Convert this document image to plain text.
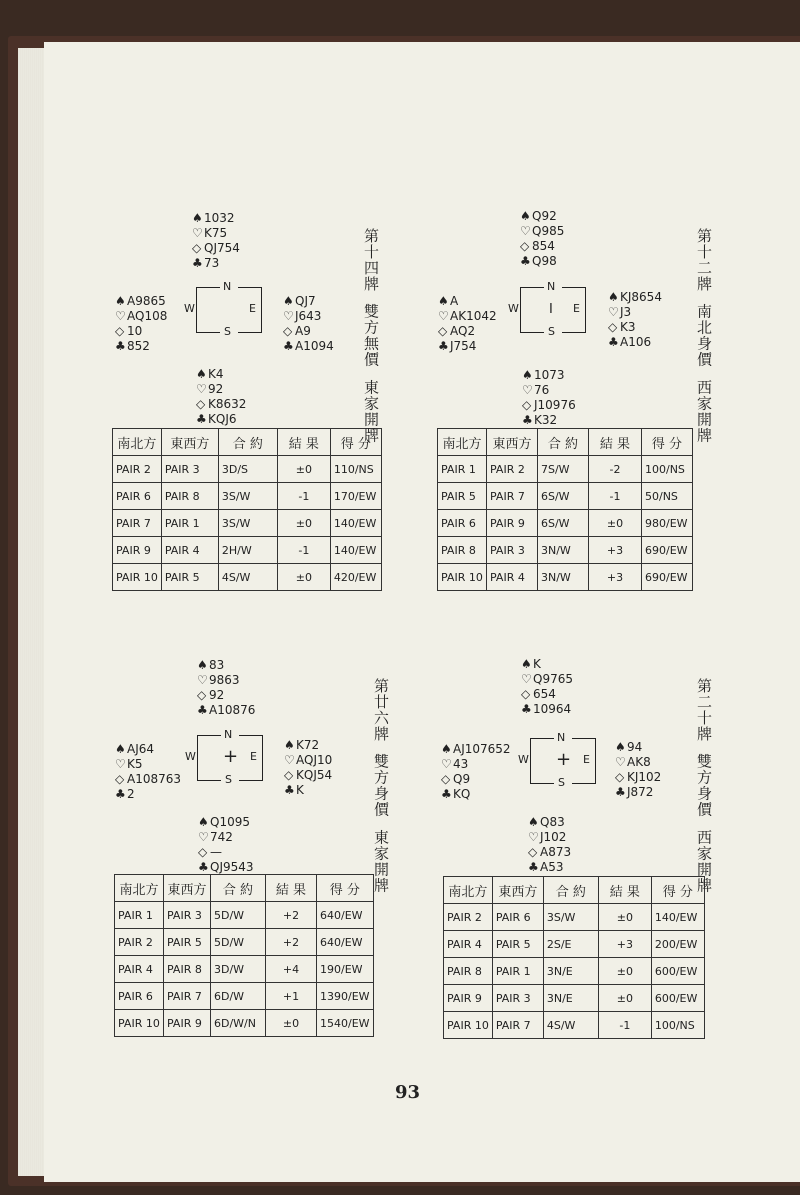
♠1032
♡K75
◇ QJ754
♣73
♠A9865
♡AQ108
◇ 10
♣852
N
W	E
S
♠QJ7
♡J643
◇ A9
♣A1094
♠K4
♡92
◇ K8632
♣KQJ6
南北方	東西方	合 約	結 果	得 分
PAIR 2	PAIR 3	3D/S	±0	110/NS
PAIR 6	PAIR 8	3S/W	-1	170/EW
PAIR 7	PAIR 1	3S/W	±0	140/EW
PAIR 9	PAIR 4	2H/W	-1	140/EW
PAIR 10	PAIR 5	4S/W	±0	420/EW
第十四牌  雙方無價  東家開牌
♠Q92
♡Q985
◇ 854
♣Q98
♠A
♡AK1042
◇ AQ2
♣J754
N
W	E
S
I
♠KJ8654
♡J3
◇ K3
♣A106
♠1073
♡76
◇ J10976
♣K32
南北方	東西方	合 約	結 果	得 分
PAIR 1	PAIR 2	7S/W	-2	100/NS
PAIR 5	PAIR 7	6S/W	-1	50/NS
PAIR 6	PAIR 9	6S/W	±0	980/EW
PAIR 8	PAIR 3	3N/W	+3	690/EW
PAIR 10	PAIR 4	3N/W	+3	690/EW
第十二牌  南北身價  西家開牌
♠83
♡9863
◇ 92
♣A10876
♠AJ64
♡K5
◇ A108763
♣2
N
W	E
S
+
♠K72
♡AQJ10
◇ KQJ54
♣K
♠Q1095
♡742
◇ —
♣QJ9543
南北方	東西方	合 約	結 果	得 分
PAIR 1	PAIR 3	5D/W	+2	640/EW
PAIR 2	PAIR 5	5D/W	+2	640/EW
PAIR 4	PAIR 8	3D/W	+4	190/EW
PAIR 6	PAIR 7	6D/W	+1	1390/EW
PAIR 10	PAIR 9	6D/W/N	±0	1540/EW
第廿六牌  雙方身價  東家開牌
♠K
♡Q9765
◇ 654
♣10964
♠AJ107652
♡43
◇ Q9
♣KQ
N
W	E
S
+
♠94
♡AK8
◇ KJ102
♣J872
♠Q83
♡J102
◇ A873
♣A53
南北方	東西方	合 約	結 果	得 分
PAIR 2	PAIR 6	3S/W	±0	140/EW
PAIR 4	PAIR 5	2S/E	+3	200/EW
PAIR 8	PAIR 1	3N/E	±0	600/EW
PAIR 9	PAIR 3	3N/E	±0	600/EW
PAIR 10	PAIR 7	4S/W	-1	100/NS
第二十牌  雙方身價  西家開牌
93
